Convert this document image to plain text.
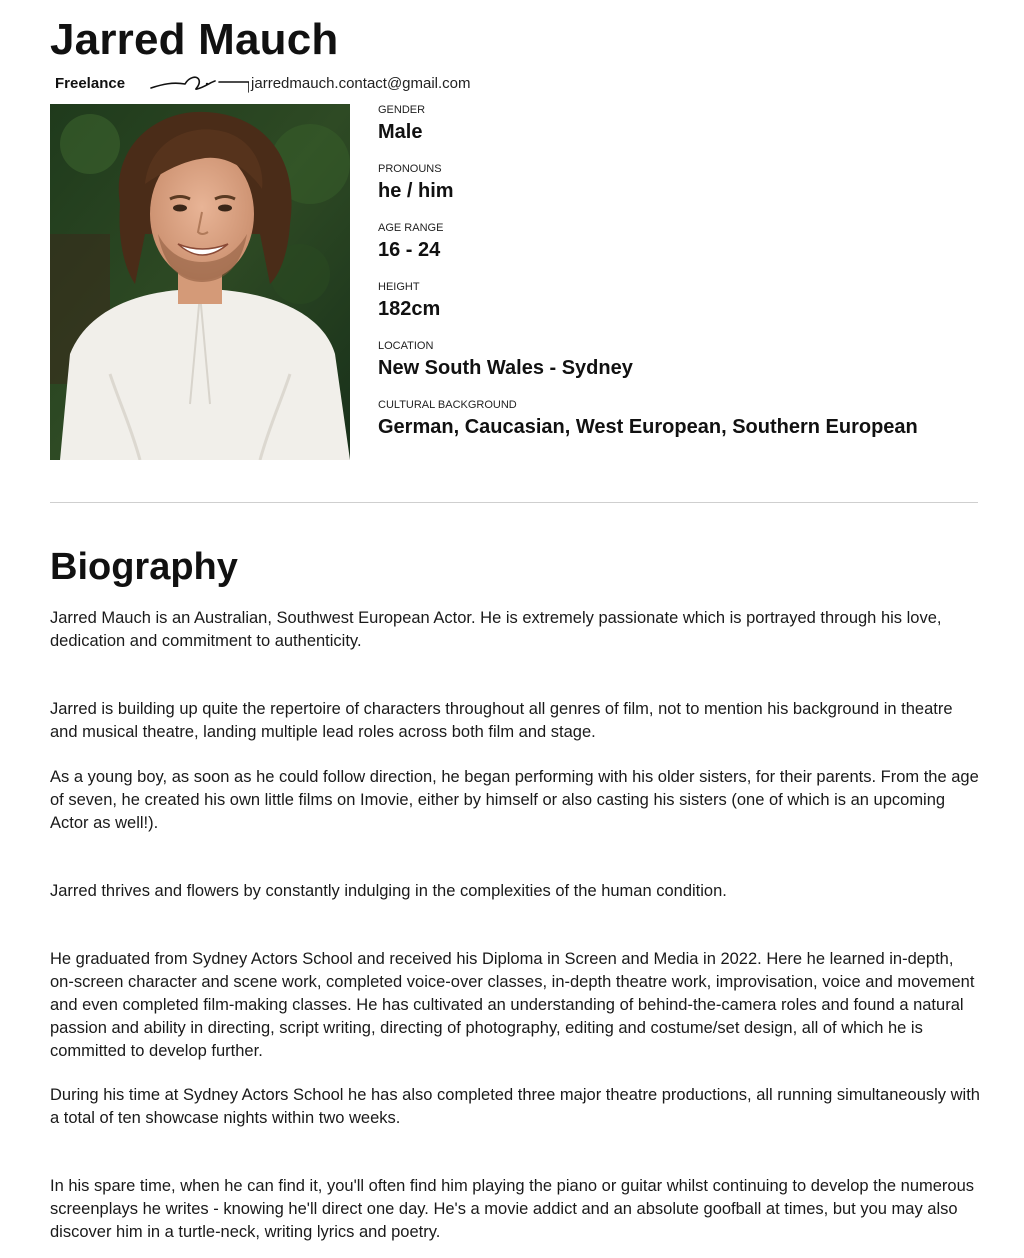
Jarred Mauch
Freelance	jarredmauch.contact@gmail.com
GENDER
Male
PRONOUNS
he / him
AGE RANGE
16 - 24
HEIGHT
182cm
LOCATION
New South Wales - Sydney
CULTURAL BACKGROUND
German, Caucasian, West European, Southern European
Biography

Jarred Mauch is an Australian, Southwest European Actor. He is extremely passionate which is portrayed through his love, dedication and commitment to authenticity.

Jarred is building up quite the repertoire of characters throughout all genres of film, not to mention his background in theatre and musical theatre, landing multiple lead roles across both film and stage.

As a young boy, as soon as he could follow direction, he began performing with his older sisters, for their parents. From the age of seven, he created his own little films on Imovie, either by himself or also casting his sisters (one of which is an upcoming Actor as well!).

Jarred thrives and flowers by constantly indulging in the complexities of the human condition.

He graduated from Sydney Actors School and received his Diploma in Screen and Media in 2022. Here he learned in-depth, on-screen character and scene work, completed voice-over classes, in-depth theatre work, improvisation, voice and movement and even completed film-making classes. He has cultivated an understanding of behind-the-camera roles and found a natural passion and ability in directing, script writing, directing of photography, editing and costume/set design, all of which he is committed to develop further.

During his time at Sydney Actors School he has also completed three major theatre productions, all running simultaneously with a total of ten showcase nights within two weeks.

In his spare time, when he can find it, you'll often find him playing the piano or guitar whilst continuing to develop the numerous screenplays he writes - knowing he'll direct one day. He's a movie addict and an absolute goofball at times, but you may also discover him in a turtle-neck, writing lyrics and poetry.
